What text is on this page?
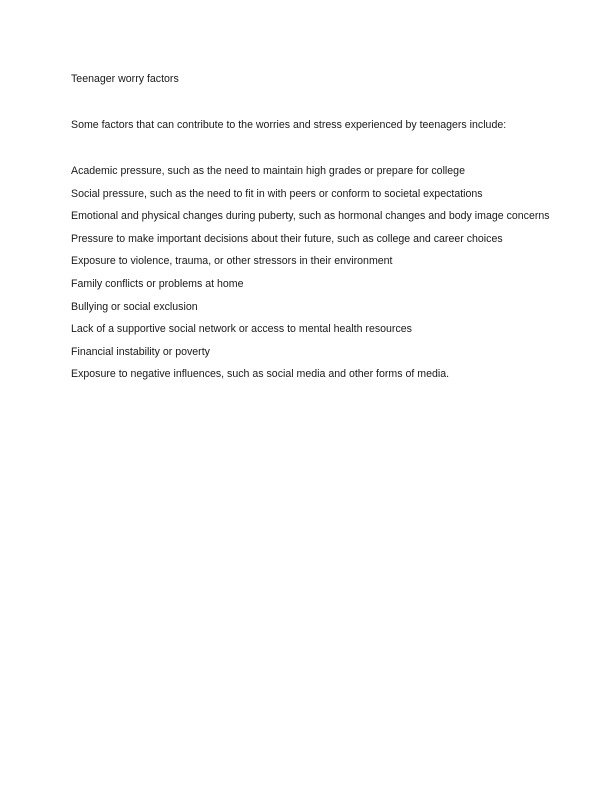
Teenager worry factors

Some factors that can contribute to the worries and stress experienced by teenagers include:

Academic pressure, such as the need to maintain high grades or prepare for college
Social pressure, such as the need to fit in with peers or conform to societal expectations
Emotional and physical changes during puberty, such as hormonal changes and body image concerns
Pressure to make important decisions about their future, such as college and career choices
Exposure to violence, trauma, or other stressors in their environment
Family conflicts or problems at home
Bullying or social exclusion
Lack of a supportive social network or access to mental health resources
Financial instability or poverty
Exposure to negative influences, such as social media and other forms of media.
